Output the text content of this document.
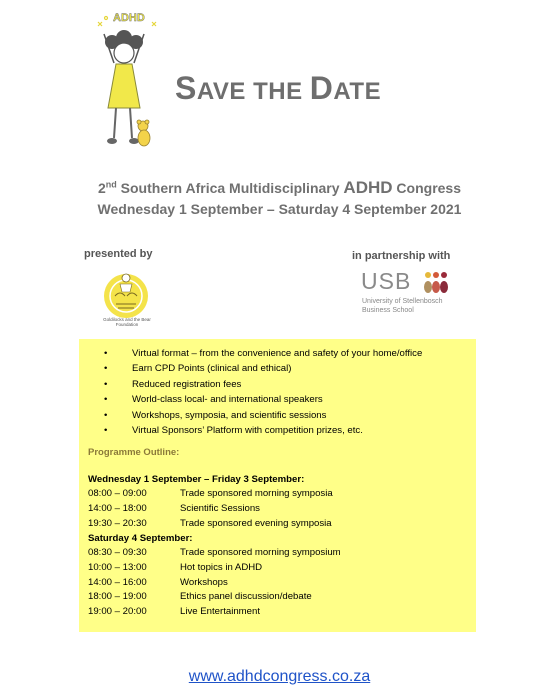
ADHD
SAVE THE DATE
2nd Southern Africa Multidisciplinary ADHD Congress
Wednesday 1 September – Saturday 4 September 2021
presented by	in partnership with
Goldilocks and the Bear Foundation
USB
University of Stellenbosch
Business School
•	Virtual format – from the convenience and safety of your home/office
•	Earn CPD Points (clinical and ethical)
•	Reduced registration fees
•	World-class local- and international speakers
•	Workshops, symposia, and scientific sessions
•	Virtual Sponsors’ Platform with competition prizes, etc.
Programme Outline:
Wednesday 1 September – Friday 3 September:
08:00 – 09:00	Trade sponsored morning symposia
14:00 – 18:00	Scientific Sessions
19:30 – 20:30	Trade sponsored evening symposia
Saturday 4 September:
08:30 – 09:30	Trade sponsored morning symposium
10:00 – 13:00	Hot topics in ADHD
14:00 – 16:00	Workshops
18:00 – 19:00	Ethics panel discussion/debate
19:00 – 20:00	Live Entertainment
www.adhdcongress.co.za
